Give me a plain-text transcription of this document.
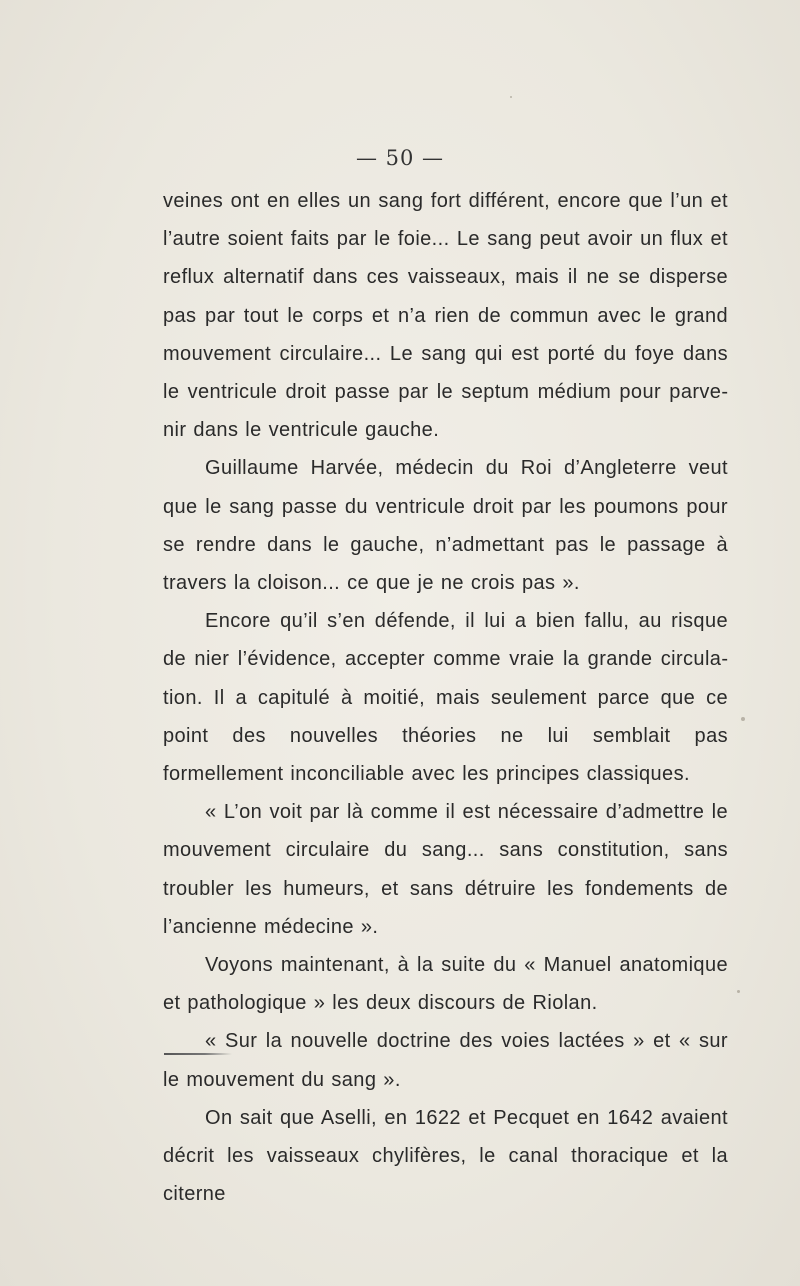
— 50 —

veines ont en elles un sang fort différent, encore que l’un et l’autre soient faits par le foie... Le sang peut avoir un flux et reflux alternatif dans ces vaisseaux, mais il ne se disperse pas par tout le corps et n’a rien de commun avec le grand mouvement circulaire... Le sang qui est porté du foye dans le ventricule droit passe par le septum médium pour parvenir dans le ventricule gauche.

Guillaume Harvée, médecin du Roi d’Angleterre veut que le sang passe du ventricule droit par les poumons pour se rendre dans le gauche, n’admettant pas le passage à travers la cloison... ce que je ne crois pas ».

Encore qu’il s’en défende, il lui a bien fallu, au risque de nier l’évidence, accepter comme vraie la grande circulation. Il a capitulé à moitié, mais seulement parce que ce point des nouvelles théories ne lui semblait pas formellement inconciliable avec les principes classiques.

« L’on voit par là comme il est nécessaire d’admettre le mouvement circulaire du sang... sans constitution, sans troubler les humeurs, et sans détruire les fondements de l’ancienne médecine ».

Voyons maintenant, à la suite du « Manuel anatomique et pathologique » les deux discours de Riolan.

« Sur la nouvelle doctrine des voies lactées » et « sur le mouvement du sang ».

On sait que Aselli, en 1622 et Pecquet en 1642 avaient décrit les vaisseaux chylifères, le canal thoracique et la citerne
